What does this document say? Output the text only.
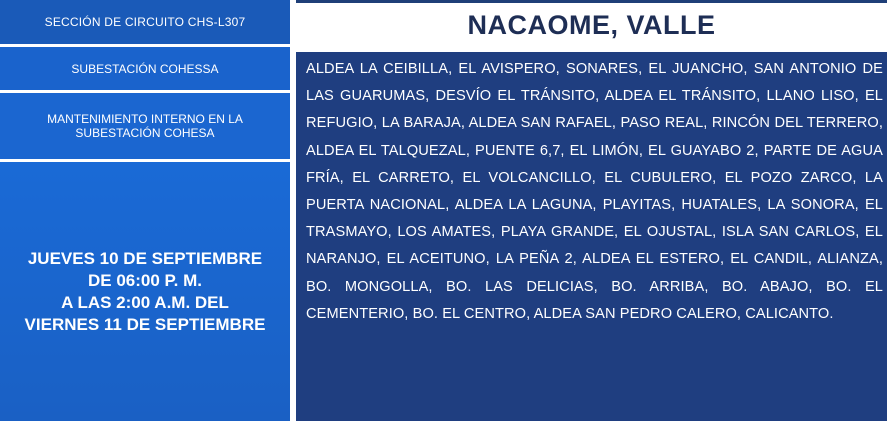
SECCIÓN DE CIRCUITO CHS-L307
SUBESTACIÓN COHESSA
MANTENIMIENTO INTERNO EN LA SUBESTACIÓN COHESA
JUEVES 10 DE SEPTIEMBRE
DE 06:00 P. M.
A LAS 2:00 A.M. DEL
VIERNES 11 DE SEPTIEMBRE
NACAOME, VALLE
ALDEA LA CEIBILLA, EL AVISPERO, SONARES, EL JUANCHO, SAN ANTONIO DE LAS GUARUMAS, DESVÍO EL TRÁNSITO, ALDEA EL TRÁNSITO, LLANO LISO, EL REFUGIO, LA BARAJA, ALDEA SAN RAFAEL, PASO REAL, RINCÓN DEL TERRERO, ALDEA EL TALQUEZAL, PUENTE 6,7, EL LIMÓN, EL GUAYABO 2, PARTE DE AGUA FRÍA, EL CARRETO, EL VOLCANCILLO, EL CUBULERO, EL POZO ZARCO, LA PUERTA NACIONAL, ALDEA LA LAGUNA, PLAYITAS, HUATALES, LA SONORA, EL TRASMAYO, LOS AMATES, PLAYA GRANDE, EL OJUSTAL, ISLA SAN CARLOS, EL NARANJO, EL ACEITUNO, LA PEÑA 2, ALDEA EL ESTERO, EL CANDIL, ALIANZA, BO. MONGOLLA, BO. LAS DELICIAS, BO. ARRIBA, BO. ABAJO, BO. EL CEMENTERIO, BO. EL CENTRO, ALDEA SAN PEDRO CALERO, CALICANTO.
